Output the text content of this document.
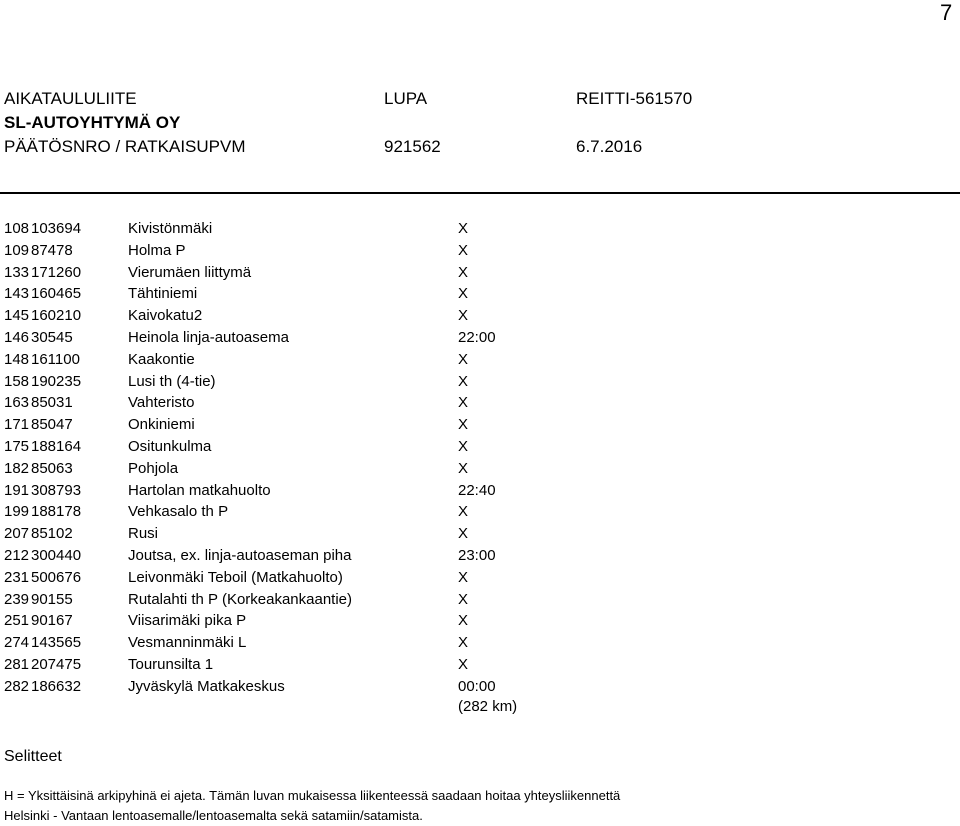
7
AIKATAULULIITE	LUPA	REITTI-561570
SL-AUTOYHTYMÄ OY
PÄÄTÖSNRO / RATKAISUPVM	921562	6.7.2016
108 103694	Kivistönmäki	X
109 87478	Holma P	X
133 171260	Vierumäen liittymä	X
143 160465	Tähtiniemi	X
145 160210	Kaivokatu2	X
146 30545	Heinola linja-autoasema	22:00
148 161100	Kaakontie	X
158 190235	Lusi th (4-tie)	X
163 85031	Vahteristo	X
171 85047	Onkiniemi	X
175 188164	Ositunkulma	X
182 85063	Pohjola	X
191 308793	Hartolan matkahuolto	22:40
199 188178	Vehkasalo th P	X
207 85102	Rusi	X
212 300440	Joutsa, ex. linja-autoaseman piha	23:00
231 500676	Leivonmäki Teboil (Matkahuolto)	X
239 90155	Rutalahti th P (Korkeakankaantie)	X
251 90167	Viisarimäki pika P	X
274 143565	Vesmanninmäki L	X
281 207475	Tourunsilta 1	X
282 186632	Jyväskylä Matkakeskus	00:00
(282 km)
Selitteet
H = Yksittäisinä arkipyhinä ei ajeta. Tämän luvan mukaisessa liikenteessä saadaan hoitaa yhteysliikennettä
Helsinki - Vantaan lentoasemalle/lentoasemalta sekä satamiin/satamista.
